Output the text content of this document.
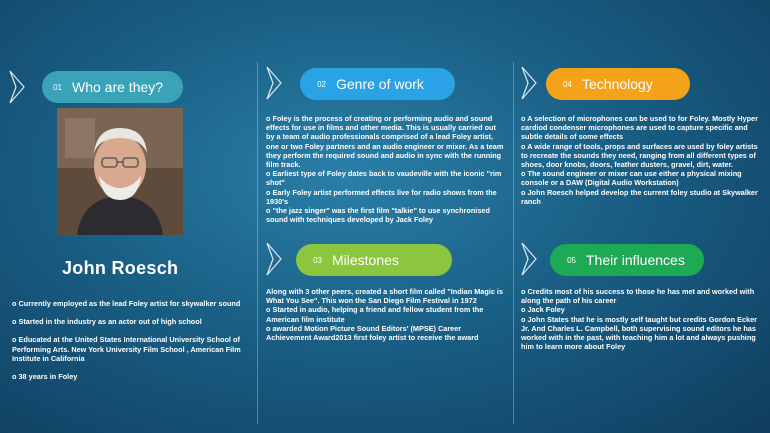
01 Who are they?	02 Genre of work	04 Technology
03 Milestones	05 Their influences
John Roesch

o Currently employed as the lead Foley artist for skywalker sound

o Started in the industry as an actor out of high school

o Educated at the United States International University School of Performing Arts. New York University Film School , American Film Institute in California

o 38 years in Foley

o Foley is the process of creating or performing audio and sound effects for use in films and other media. This is usually carried out by a team of audio professionals comprised of a lead Foley artist, one or two Foley partners and an audio engineer or mixer. As a team they perform the required sound and audio in sync with the running film track.

o Earliest type of Foley dates back to vaudeville with the iconic "rim shot"

o Early Foley artist performed effects live for radio shows from the 1930's

o "the jazz singer" was the first film "talkie" to use synchronised sound with techniques developed by Jack Foley

o A selection of microphones can be used to for Foley. Mostly Hyper cardiod condenser microphones are used to capture specific and subtle details of some effects

o A wide range of tools, props and surfaces are used by foley artists to recreate the sounds they need, ranging from all different types of shoes, door knobs, doors, feather dusters, gravel, dirt, water.

o The sound engineer or mixer can use either a physical mixing console or a DAW (Digital Audio Workstation)

o John Roesch helped develop the current foley studio at Skywalker ranch

Along with 3 other peers, created a short film called "Indian Magic is What You See". This won the San Diego Film Festival in 1972

o Started in audio, helping a friend and fellow student from the American film institute

o awarded Motion Picture Sound Editors' (MPSE) Career Achievement Award2013 first foley artist to receive the award

o Credits most of his success to those he has met and worked with along the path of his career

o Jack Foley

o John States that he is mostly self taught but credits Gordon Ecker Jr. And Charles L. Campbell, both supervising sound editors he has worked with in the past, with teaching him a lot and always pushing him to learn more about Foley
